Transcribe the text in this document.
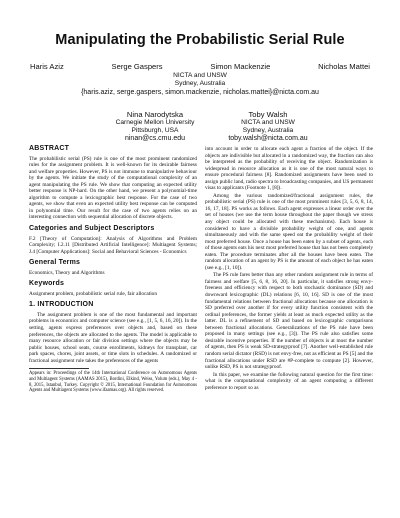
Manipulating the Probabilistic Serial Rule
Haris Aziz	Serge Gaspers	Simon Mackenzie	Nicholas Mattei
NICTA and UNSW
Sydney, Australia
{haris.aziz, serge.gaspers, simon.mackenzie, nicholas.mattei}@nicta.com.au
Nina Narodytska
Carnegie Mellon University
Pittsburgh, USA
ninan@cs.cmu.edu
Toby Walsh
NICTA and UNSW
Sydney, Australia
toby.walsh@nicta.com.au
ABSTRACT
The probabilistic serial (PS) rule is one of the most prominent randomized rules for the assignment problem. It is well-known for its desirable fairness and welfare properties. However, PS is not immune to manipulative behaviour by the agents. We initiate the study of the computational complexity of an agent manipulating the PS rule. We show that computing an expected utility better response is NP-hard. On the other hand, we present a polynomial-time algorithm to compute a lexicographic best response. For the case of two agents, we show that even an expected utility best response can be computed in polynomial time. Our result for the case of two agents relies on an interesting connection with sequential allocation of discrete objects.
Categories and Subject Descriptors
F.2 [Theory of Computation]: Analysis of Algorithms and Problem Complexity; I.2.11 [Distributed Artificial Intelligence]: Multiagent Systems; J.4 [Computer Applications]: Social and Behavioral Sciences - Economics
General Terms
Economics, Theory and Algorithms
Keywords
Assignment problem, probabilistic serial rule, fair allocation
1. INTRODUCTION
The assignment problem is one of the most fundamental and important problems in economics and computer science (see e.g., [1, 5, 6, 16, 20]). In the setting, agents express preferences over objects and, based on these preferences, the objects are allocated to the agents. The model is applicable to many resource allocation or fair division settings where the objects may be public houses, school seats, course enrollments, kidneys for transplant, car park spaces, chores, joint assets, or time slots in schedules. A randomized or fractional assignment rule takes the preferences of the agents
Appears in: Proceedings of the 14th International Conference on Autonomous Agents and Multiagent Systems (AAMAS 2015), Bordini, Elkind, Weiss, Yolum (eds.), May 4 - 8, 2015, Istanbul, Turkey. Copyright © 2015, International Foundation for Autonomous Agents and Multiagent Systems (www.ifaamas.org). All rights reserved.
into account in order to allocate each agent a fraction of the object. If the objects are indivisible but allocated in a randomized way, the fraction can also be interpreted as the probability of receiving the object. Randomization is widespread in resource allocation as it is one of the most natural ways to ensure procedural fairness [8]. Randomized assignments have been used to assign public land, radio spectra to broadcasting companies, and US permanent visas to applicants (Footnote 1, [8]).
Among the various randomized/fractional assignment rules, the probabilistic serial (PS) rule is one of the most prominent rules [3, 5, 6, 8, 14, 16, 17, 18]. PS works as follows. Each agent expresses a linear order over the set of houses (we use the term house throughout the paper though we stress any object could be allocated with these mechanisms). Each house is considered to have a divisible probability weight of one, and agents simultaneously and with the same speed eat the probability weight of their most preferred house. Once a house has been eaten by a subset of agents, each of those agents eats his next most preferred house that has not been completely eaten. The procedure terminates after all the houses have been eaten. The random allocation of an agent by PS is the amount of each object he has eaten (see e.g., [1, 10]).
The PS rule fares better than any other random assignment rule in terms of fairness and welfare [5, 6, 8, 16, 20]. In particular, it satisfies strong envy-freeness and efficiency with respect to both stochastic dominance (SD) and downward lexicographic (DL) relations [6, 10, 16]. SD is one of the most fundamental relations between fractional allocations because one allocation is SD preferred over another if for every utility function consistent with the ordinal preferences, the former yields at least as much expected utility as the latter. DL is a refinement of SD and based on lexicographic comparisons between fractional allocations. Generalizations of the PS rule have been proposed in many settings (see e.g., [3]). The PS rule also satisfies some desirable incentive properties. If the number of objects is at most the number of agents, then PS is weak SD-strategyproof [7]. Another well-established rule random serial dictator (RSD) is not envy-free, not as efficient as PS [5] and the fractional allocations under RSD are #P-complete to compute [2]. However, unlike RSD, PS is not strategyproof.
In this paper, we examine the following natural question for the first time: what is the computational complexity of an agent computing a different preference to report so as
